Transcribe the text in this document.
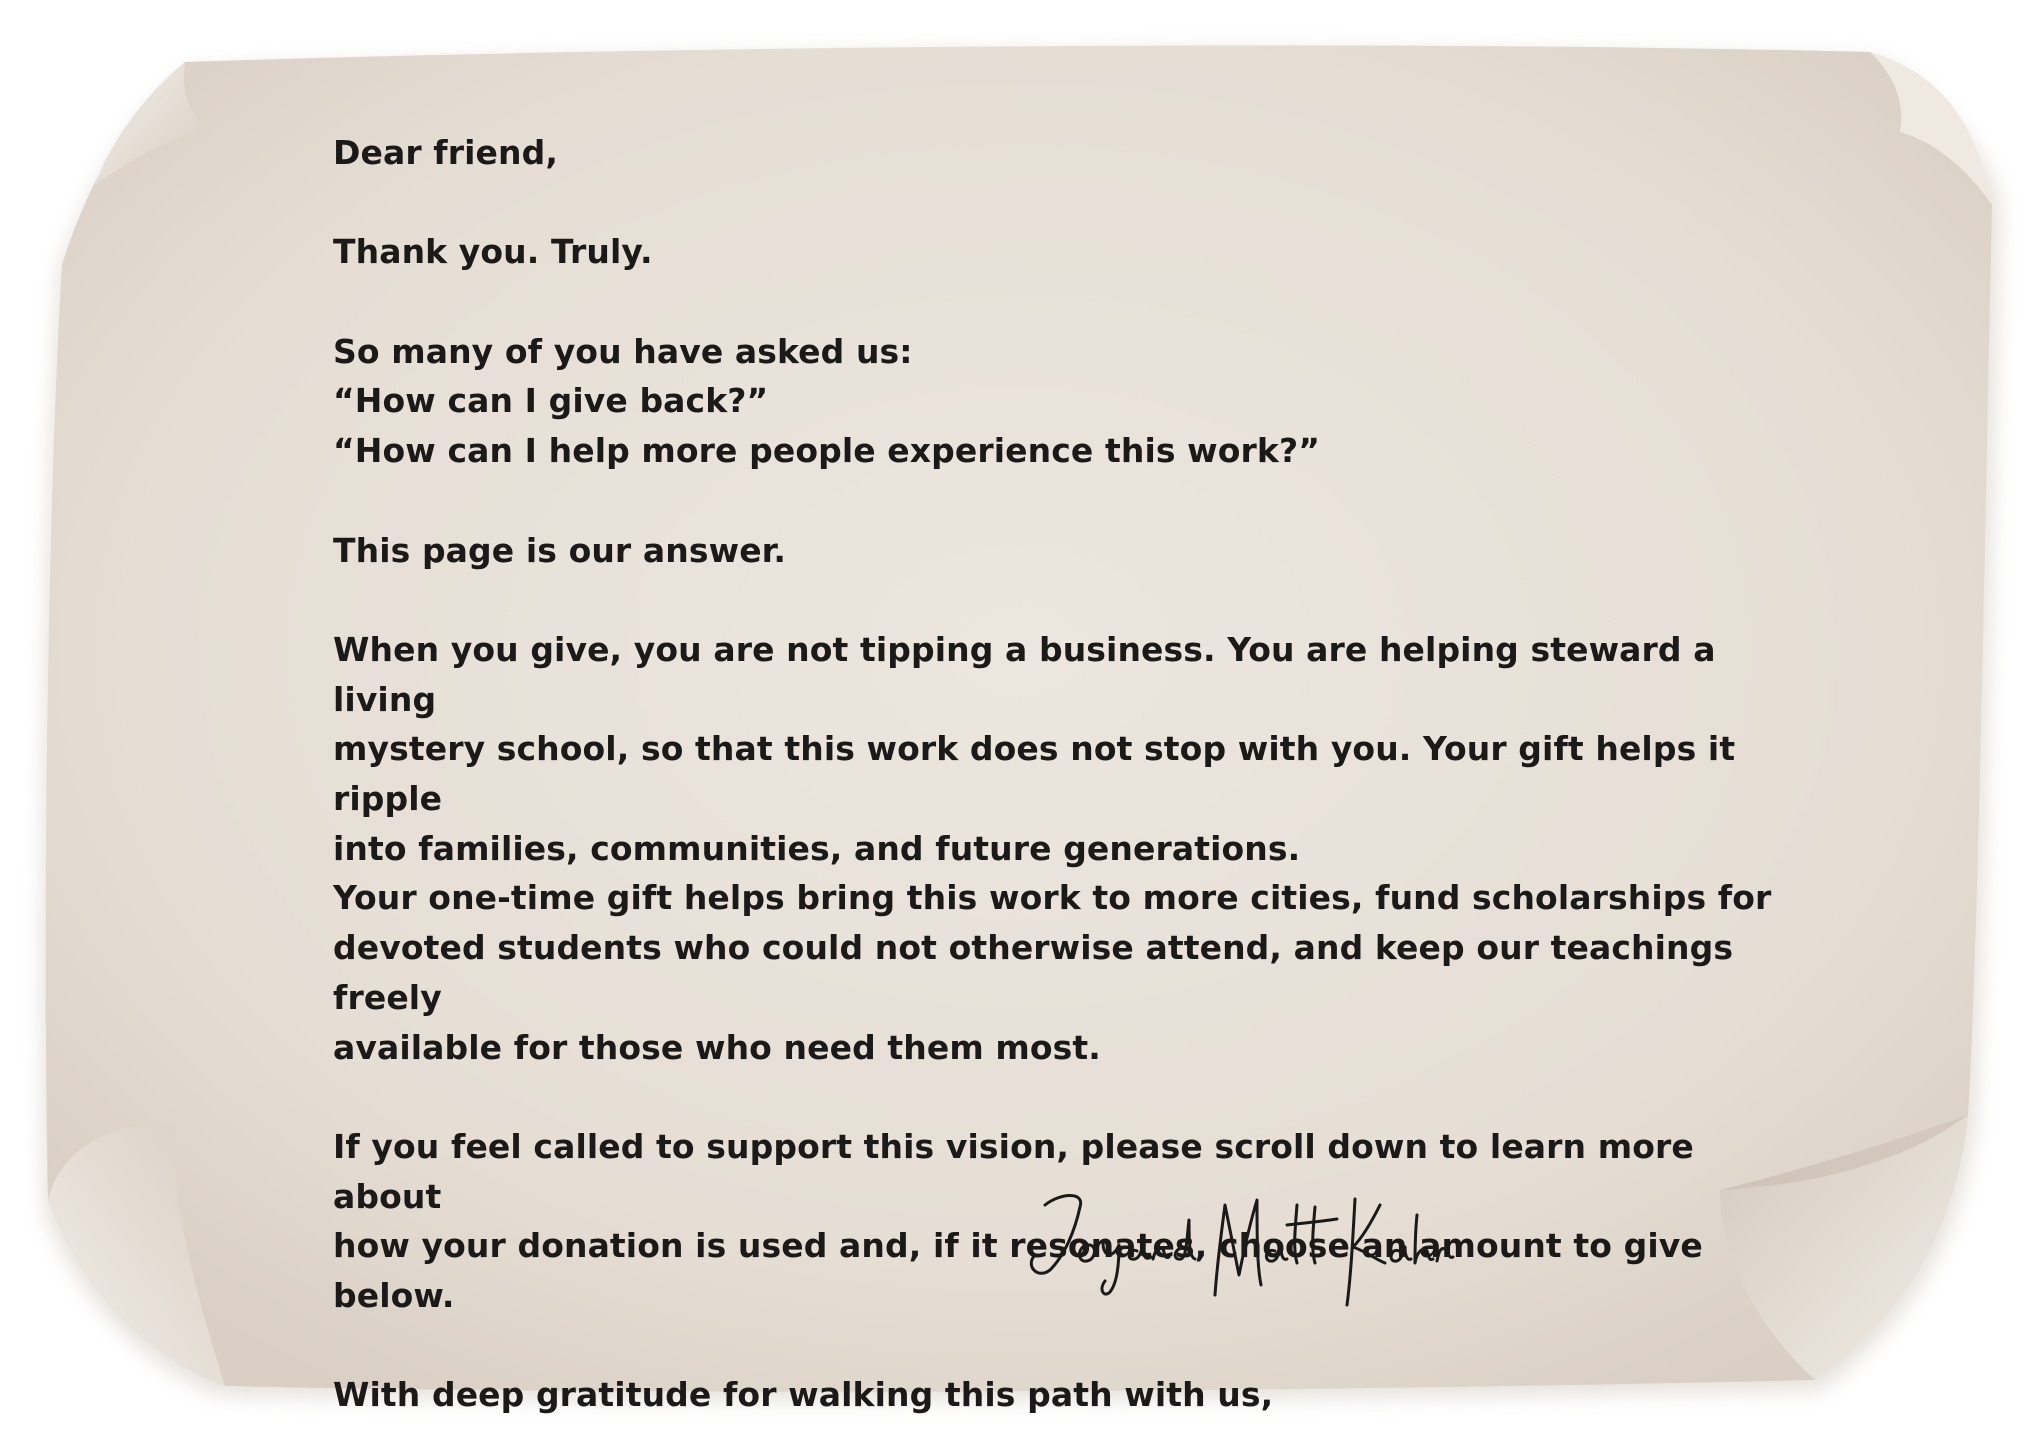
Dear friend,

Thank you. Truly.

So many of you have asked us:
“How can I give back?”
“How can I help more people experience this work?”

This page is our answer.

When you give, you are not tipping a business. You are helping steward a living
mystery school, so that this work does not stop with you. Your gift helps it ripple
into families, communities, and future generations.

Your one-time gift helps bring this work to more cities, fund scholarships for
devoted students who could not otherwise attend, and keep our teachings freely
available for those who need them most.

If you feel called to support this vision, please scroll down to learn more about
how your donation is used and, if it resonates, choose an amount to give below.

With deep gratitude for walking this path with us,
